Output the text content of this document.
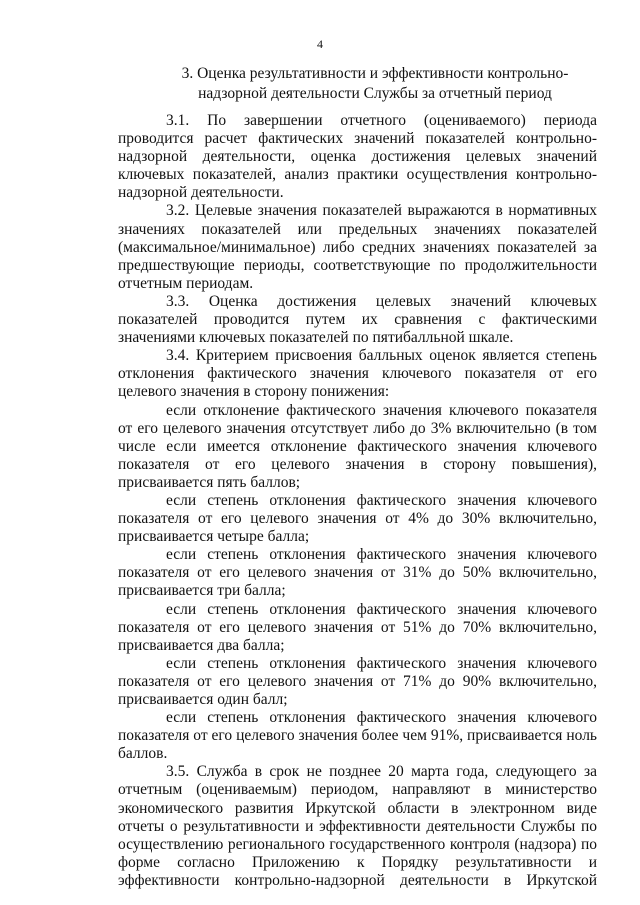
4
3. Оценка результативности и эффективности контрольно-
надзорной деятельности Службы за отчетный период

3.1. По завершении отчетного (оцениваемого) периода проводится расчет фактических значений показателей контрольно-надзорной деятельности, оценка достижения целевых значений ключевых показателей, анализ практики осуществления контрольно-надзорной деятельности.

3.2. Целевые значения показателей выражаются в нормативных значениях показателей или предельных значениях показателей (максимальное/минимальное) либо средних значениях показателей за предшествующие периоды, соответствующие по продолжительности отчетным периодам.

3.3. Оценка достижения целевых значений ключевых показателей проводится путем их сравнения с фактическими значениями ключевых показателей по пятибалльной шкале.

3.4. Критерием присвоения балльных оценок является степень отклонения фактического значения ключевого показателя от его целевого значения в сторону понижения:

если отклонение фактического значения ключевого показателя от его целевого значения отсутствует либо до 3% включительно (в том числе если имеется отклонение фактического значения ключевого показателя от его целевого значения в сторону повышения), присваивается пять баллов;

если степень отклонения фактического значения ключевого показателя от его целевого значения от 4% до 30% включительно, присваивается четыре балла;

если степень отклонения фактического значения ключевого показателя от его целевого значения от 31% до 50% включительно, присваивается три балла;

если степень отклонения фактического значения ключевого показателя от его целевого значения от 51% до 70% включительно, присваивается два балла;

если степень отклонения фактического значения ключевого показателя от его целевого значения от 71% до 90% включительно, присваивается один балл;

если степень отклонения фактического значения ключевого показателя от его целевого значения более чем 91%, присваивается ноль баллов.

3.5. Служба в срок не позднее 20 марта года, следующего за отчетным (оцениваемым) периодом, направляют в министерство экономического развития Иркутской области в электронном виде отчеты о результативности и эффективности деятельности Службы по осуществлению регионального государственного контроля (надзора) по форме согласно Приложению к Порядку результативности и эффективности контрольно-надзорной деятельности в Иркутской
